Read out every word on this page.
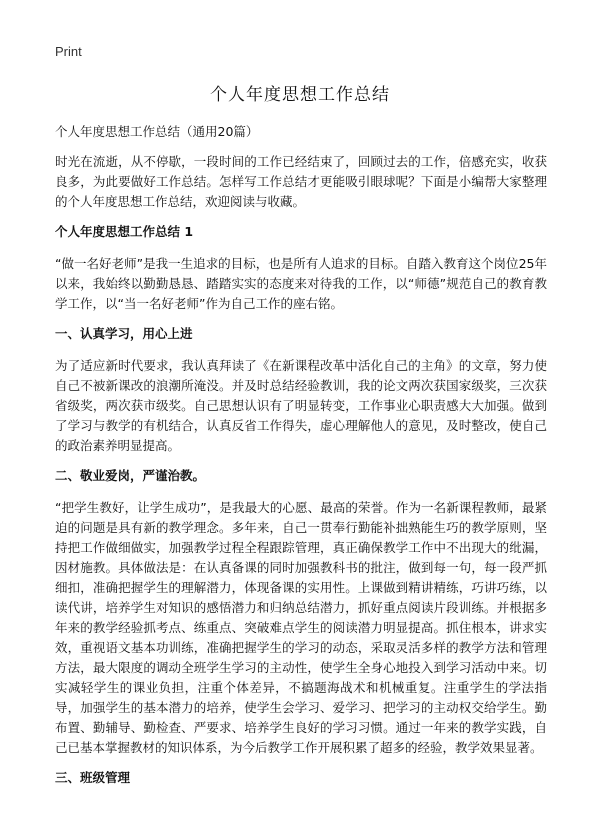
Print
个人年度思想工作总结

个人年度思想工作总结（通用20篇）

时光在流逝，从不停歇，一段时间的工作已经结束了，回顾过去的工作，倍感充实，收获良多，为此要做好工作总结。怎样写工作总结才更能吸引眼球呢？下面是小编帮大家整理的个人年度思想工作总结，欢迎阅读与收藏。

个人年度思想工作总结 1

“做一名好老师”是我一生追求的目标，也是所有人追求的目标。自踏入教育这个岗位25年以来，我始终以勤勤恳恳、踏踏实实的态度来对待我的工作，以“师德”规范自己的教育教学工作，以“当一名好老师”作为自己工作的座右铭。

一、认真学习，用心上进

为了适应新时代要求，我认真拜读了《在新课程改革中活化自己的主角》的文章，努力使自己不被新课改的浪潮所淹没。并及时总结经验教训，我的论文两次获国家级奖，三次获省级奖，两次获市级奖。自己思想认识有了明显转变，工作事业心职责感大大加强。做到了学习与教学的有机结合，认真反省工作得失，虚心理解他人的意见，及时整改，使自己的政治素养明显提高。

二、敬业爱岗，严谨治教。

“把学生教好，让学生成功”，是我最大的心愿、最高的荣誉。作为一名新课程教师，最紧迫的问题是具有新的教学理念。多年来，自己一贯奉行勤能补拙熟能生巧的教学原则，坚持把工作做细做实，加强教学过程全程跟踪管理，真正确保教学工作中不出现大的纰漏，因材施教。具体做法是：在认真备课的同时加强教科书的批注，做到每一句，每一段严抓细扣，准确把握学生的理解潜力，体现备课的实用性。上课做到精讲精练，巧讲巧练，以读代讲，培养学生对知识的感悟潜力和归纳总结潜力，抓好重点阅读片段训练。并根据多年来的教学经验抓考点、练重点、突破难点学生的阅读潜力明显提高。抓住根本，讲求实效，重视语文基本功训练，准确把握学生的学习的动态，采取灵活多样的教学方法和管理方法，最大限度的调动全班学生学习的主动性，使学生全身心地投入到学习活动中来。切实减轻学生的课业负担，注重个体差异，不搞题海战术和机械重复。注重学生的学法指导，加强学生的基本潜力的培养，使学生会学习、爱学习、把学习的主动权交给学生。勤布置、勤辅导、勤检查、严要求、培养学生良好的学习习惯。通过一年来的教学实践，自己已基本掌握教材的知识体系，为今后教学工作开展积累了超多的经验，教学效果显著。

三、班级管理
